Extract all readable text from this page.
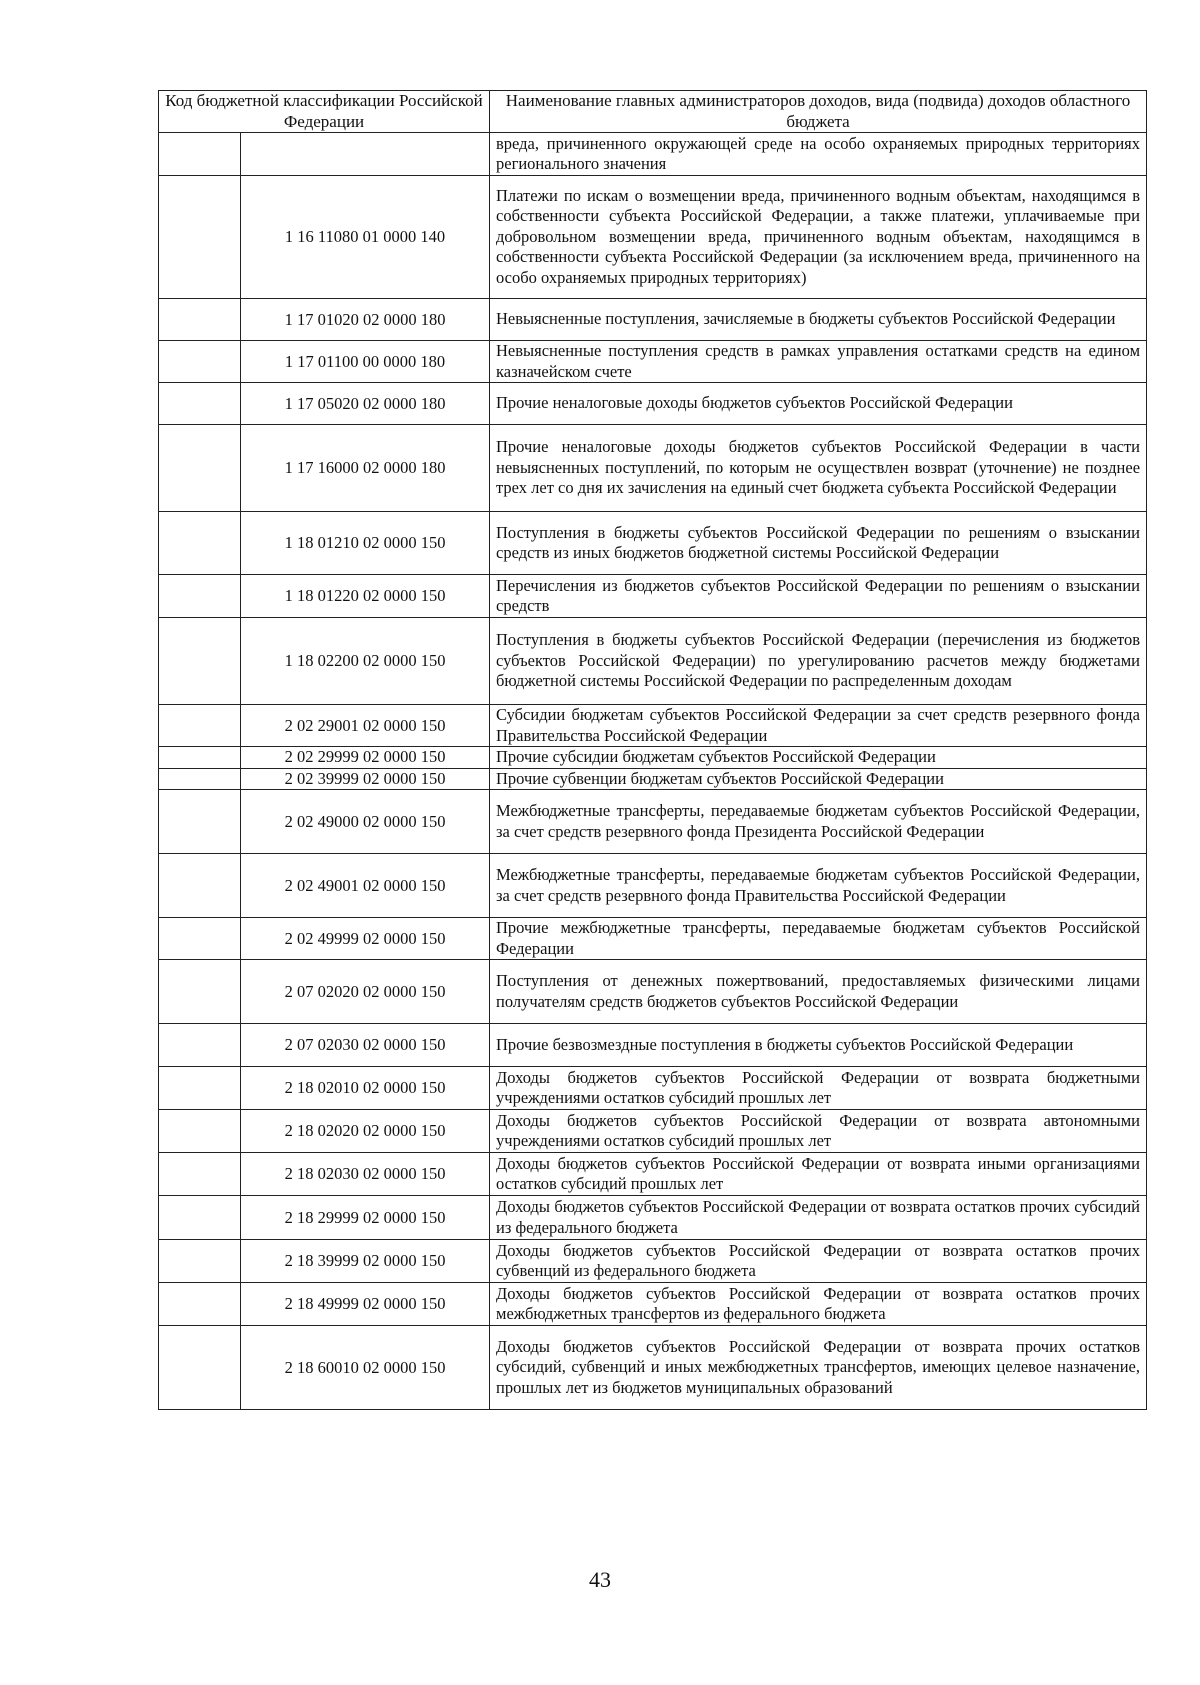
Код бюджетной классификации Российской Федерации		Наименование главных администраторов доходов, вида (подвида) доходов областного бюджета
		вреда, причиненного окружающей среде на особо охраняемых природных территориях регионального значения
	1 16 11080 01 0000 140	Платежи по искам о возмещении вреда, причиненного водным объектам, находящимся в собственности субъекта Российской Федерации, а также платежи, уплачиваемые при добровольном возмещении вреда, причиненного водным объектам, находящимся в собственности субъекта Российской Федерации (за исключением вреда, причиненного на особо охраняемых природных территориях)
	1 17 01020 02 0000 180	Невыясненные поступления, зачисляемые в бюджеты субъектов Российской Федерации
	1 17 01100 00 0000 180	Невыясненные поступления средств в рамках управления остатками средств на едином казначейском счете
	1 17 05020 02 0000 180	Прочие неналоговые доходы бюджетов субъектов Российской Федерации
	1 17 16000 02 0000 180	Прочие неналоговые доходы бюджетов субъектов Российской Федерации в части невыясненных поступлений, по которым не осуществлен возврат (уточнение) не позднее трех лет со дня их зачисления на единый счет бюджета субъекта Российской Федерации
	1 18 01210 02 0000 150	Поступления в бюджеты субъектов Российской Федерации по решениям о взыскании средств из иных бюджетов бюджетной системы Российской Федерации
	1 18 01220 02 0000 150	Перечисления из бюджетов субъектов Российской Федерации по решениям о взыскании средств
	1 18 02200 02 0000 150	Поступления в бюджеты субъектов Российской Федерации (перечисления из бюджетов субъектов Российской Федерации) по урегулированию расчетов между бюджетами бюджетной системы Российской Федерации по распределенным доходам
	2 02 29001 02 0000 150	Субсидии бюджетам субъектов Российской Федерации за счет средств резервного фонда Правительства Российской Федерации
	2 02 29999 02 0000 150	Прочие субсидии бюджетам субъектов Российской Федерации
	2 02 39999 02 0000 150	Прочие субвенции бюджетам субъектов Российской Федерации
	2 02 49000 02 0000 150	Межбюджетные трансферты, передаваемые бюджетам субъектов Российской Федерации, за счет средств резервного фонда Президента Российской Федерации
	2 02 49001 02 0000 150	Межбюджетные трансферты, передаваемые бюджетам субъектов Российской Федерации, за счет средств резервного фонда Правительства Российской Федерации
	2 02 49999 02 0000 150	Прочие межбюджетные трансферты, передаваемые бюджетам субъектов Российской Федерации
	2 07 02020 02 0000 150	Поступления от денежных пожертвований, предоставляемых физическими лицами получателям средств бюджетов субъектов Российской Федерации
	2 07 02030 02 0000 150	Прочие безвозмездные поступления в бюджеты субъектов Российской Федерации
	2 18 02010 02 0000 150	Доходы бюджетов субъектов Российской Федерации от возврата бюджетными учреждениями остатков субсидий прошлых лет
	2 18 02020 02 0000 150	Доходы бюджетов субъектов Российской Федерации от возврата автономными учреждениями остатков субсидий прошлых лет
	2 18 02030 02 0000 150	Доходы бюджетов субъектов Российской Федерации от возврата иными организациями остатков субсидий прошлых лет
	2 18 29999 02 0000 150	Доходы бюджетов субъектов Российской Федерации от возврата остатков прочих субсидий из федерального бюджета
	2 18 39999 02 0000 150	Доходы бюджетов субъектов Российской Федерации от возврата остатков прочих субвенций из федерального бюджета
	2 18 49999 02 0000 150	Доходы бюджетов субъектов Российской Федерации от возврата остатков прочих межбюджетных трансфертов из федерального бюджета
	2 18 60010 02 0000 150	Доходы бюджетов субъектов Российской Федерации от возврата прочих остатков субсидий, субвенций и иных межбюджетных трансфертов, имеющих целевое назначение, прошлых лет из бюджетов муниципальных образований
43
